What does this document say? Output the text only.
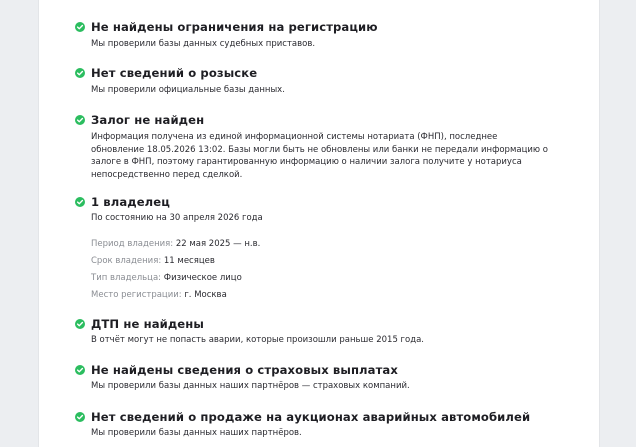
Не найдены ограничения на регистрацию
Мы проверили базы данных судебных приставов.
Нет сведений о розыске
Мы проверили официальные базы данных.
Залог не найден
Информация получена из единой информационной системы нотариата (ФНП), последнее
обновление 18.05.2026 13:02. Базы могли быть не обновлены или банки не передали информацию о
залоге в ФНП, поэтому гарантированную информацию о наличии залога получите у нотариуса
непосредственно перед сделкой.
1 владелец
По состоянию на 30 апреля 2026 года
Период владения: 22 мая 2025 — н.в.
Срок владения: 11 месяцев
Тип владельца: Физическое лицо
Место регистрации: г. Москва
ДТП не найдены
В отчёт могут не попасть аварии, которые произошли раньше 2015 года.
Не найдены сведения о страховых выплатах
Мы проверили базы данных наших партнёров — страховых компаний.
Нет сведений о продаже на аукционах аварийных автомобилей
Мы проверили базы данных наших партнёров.
